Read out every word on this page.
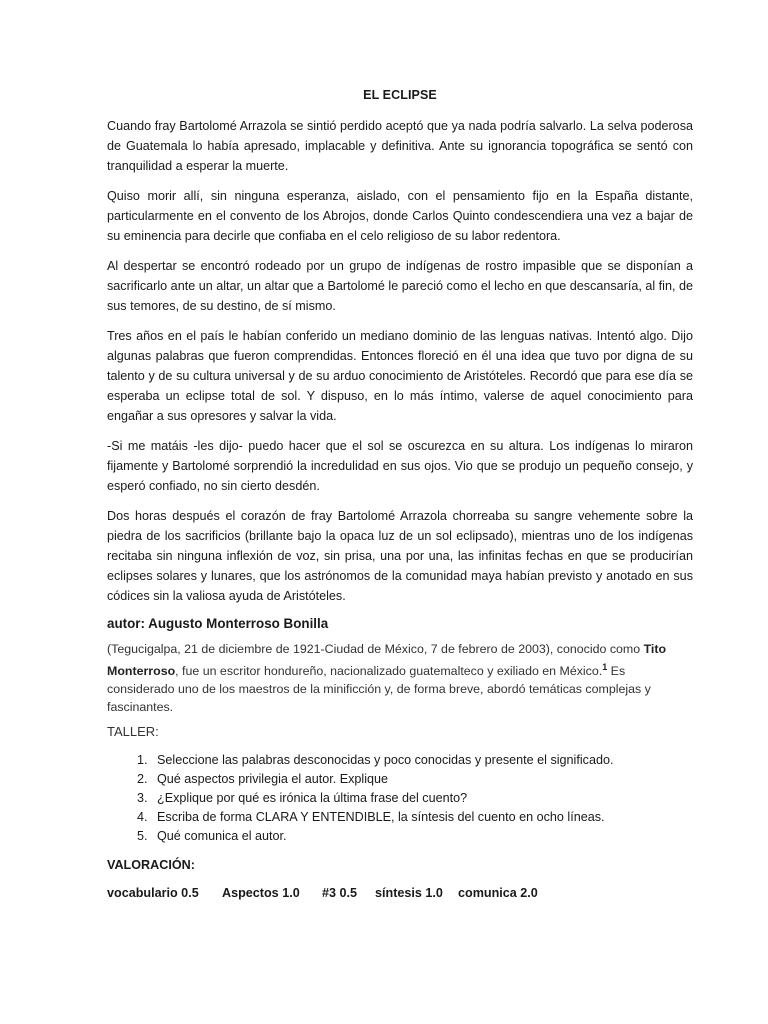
EL ECLIPSE

Cuando fray Bartolomé Arrazola se sintió perdido aceptó que ya nada podría salvarlo. La selva poderosa de Guatemala lo había apresado, implacable y definitiva. Ante su ignorancia topográfica se sentó con tranquilidad a esperar la muerte.

Quiso morir allí, sin ninguna esperanza, aislado, con el pensamiento fijo en la España distante, particularmente en el convento de los Abrojos, donde Carlos Quinto condescendiera una vez a bajar de su eminencia para decirle que confiaba en el celo religioso de su labor redentora.

Al despertar se encontró rodeado por un grupo de indígenas de rostro impasible que se disponían a sacrificarlo ante un altar, un altar que a Bartolomé le pareció como el lecho en que descansaría, al fin, de sus temores, de su destino, de sí mismo.

Tres años en el país le habían conferido un mediano dominio de las lenguas nativas. Intentó algo. Dijo algunas palabras que fueron comprendidas. Entonces floreció en él una idea que tuvo por digna de su talento y de su cultura universal y de su arduo conocimiento de Aristóteles. Recordó que para ese día se esperaba un eclipse total de sol. Y dispuso, en lo más íntimo, valerse de aquel conocimiento para engañar a sus opresores y salvar la vida.

-Si me matáis -les dijo- puedo hacer que el sol se oscurezca en su altura. Los indígenas lo miraron fijamente y Bartolomé sorprendió la incredulidad en sus ojos. Vio que se produjo un pequeño consejo, y esperó confiado, no sin cierto desdén.

Dos horas después el corazón de fray Bartolomé Arrazola chorreaba su sangre vehemente sobre la piedra de los sacrificios (brillante bajo la opaca luz de un sol eclipsado), mientras uno de los indígenas recitaba sin ninguna inflexión de voz, sin prisa, una por una, las infinitas fechas en que se producirían eclipses solares y lunares, que los astrónomos de la comunidad maya habían previsto y anotado en sus códices sin la valiosa ayuda de Aristóteles.

autor: Augusto Monterroso Bonilla

(Tegucigalpa, 21 de diciembre de 1921-Ciudad de México, 7 de febrero de 2003), conocido como Tito Monterroso, fue un escritor hondureño, nacionalizado guatemalteco y exiliado en México.$^1$ Es considerado uno de los maestros de la minificción y, de forma breve, abordó temáticas complejas y fascinantes.

TALLER:
1. Seleccione las palabras desconocidas y poco conocidas y presente el significado.
2. Qué aspectos privilegia el autor. Explique
3. ¿Explique por qué es irónica la última frase del cuento?
4. Escriba de forma CLARA Y ENTENDIBLE, la síntesis del cuento en ocho líneas.
5. Qué comunica el autor.
VALORACIÓN:
vocabulario 0.5	Aspectos 1.0	#3 0.5	síntesis 1.0	comunica 2.0
